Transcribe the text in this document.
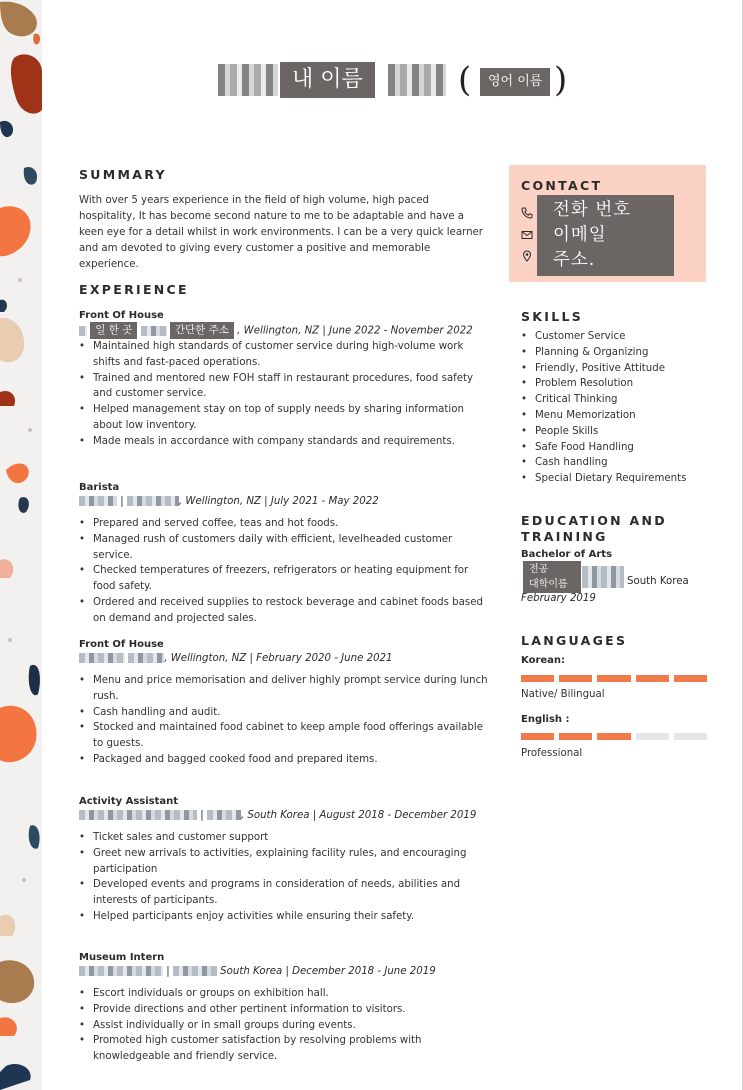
내 이름	(	영어 이름 )
SUMMARY
With over 5 years experience in the field of high volume, high paced hospitality, It has become second nature to me to be adaptable and have a keen eye for a detail whilst in work environments. I can be a very quick learner and am devoted to giving every customer a positive and memorable experience.
EXPERIENCE
Front Of House
일 한 곳	간단한 주소 , Wellington, NZ | June 2022 - November 2022
• Maintained high standards of customer service during high-volume work shifts and fast-paced operations.
• Trained and mentored new FOH staff in restaurant procedures, food safety and customer service.
• Helped management stay on top of supply needs by sharing information about low inventory.
• Made meals in accordance with company standards and requirements.
Barista
|	, Wellington, NZ | July 2021 - May 2022
• Prepared and served coffee, teas and hot foods.
• Managed rush of customers daily with efficient, levelheaded customer service.
• Checked temperatures of freezers, refrigerators or heating equipment for food safety.
• Ordered and received supplies to restock beverage and cabinet foods based on demand and projected sales.
Front Of House
, Wellington, NZ | February 2020 - June 2021
• Menu and price memorisation and deliver highly prompt service during lunch rush.
• Cash handling and audit.
• Stocked and maintained food cabinet to keep ample food offerings available to guests.
• Packaged and bagged cooked food and prepared items.
Activity Assistant
|	, South Korea | August 2018 - December 2019
• Ticket sales and customer support
• Greet new arrivals to activities, explaining facility rules, and encouraging participation
• Developed events and programs in consideration of needs, abilities and interests of participants.
• Helped participants enjoy activities while ensuring their safety.
Museum Intern
|	South Korea | December 2018 - June 2019
• Escort individuals or groups on exhibition hall.
• Provide directions and other pertinent information to visitors.
• Assist individually or in small groups during events.
• Promoted high customer satisfaction by resolving problems with knowledgeable and friendly service.
CONTACT
전화 번호
이메일
주소.
SKILLS
• Customer Service
• Planning & Organizing
• Friendly, Positive Attitude
• Problem Resolution
• Critical Thinking
• Menu Memorization
• People Skills
• Safe Food Handling
• Cash handling
• Special Dietary Requirements
EDUCATION AND
TRAINING
Bachelor of Arts
전공
대학이름	South Korea
February 2019
LANGUAGES
Korean:
Native/ Bilingual
English :
Professional
